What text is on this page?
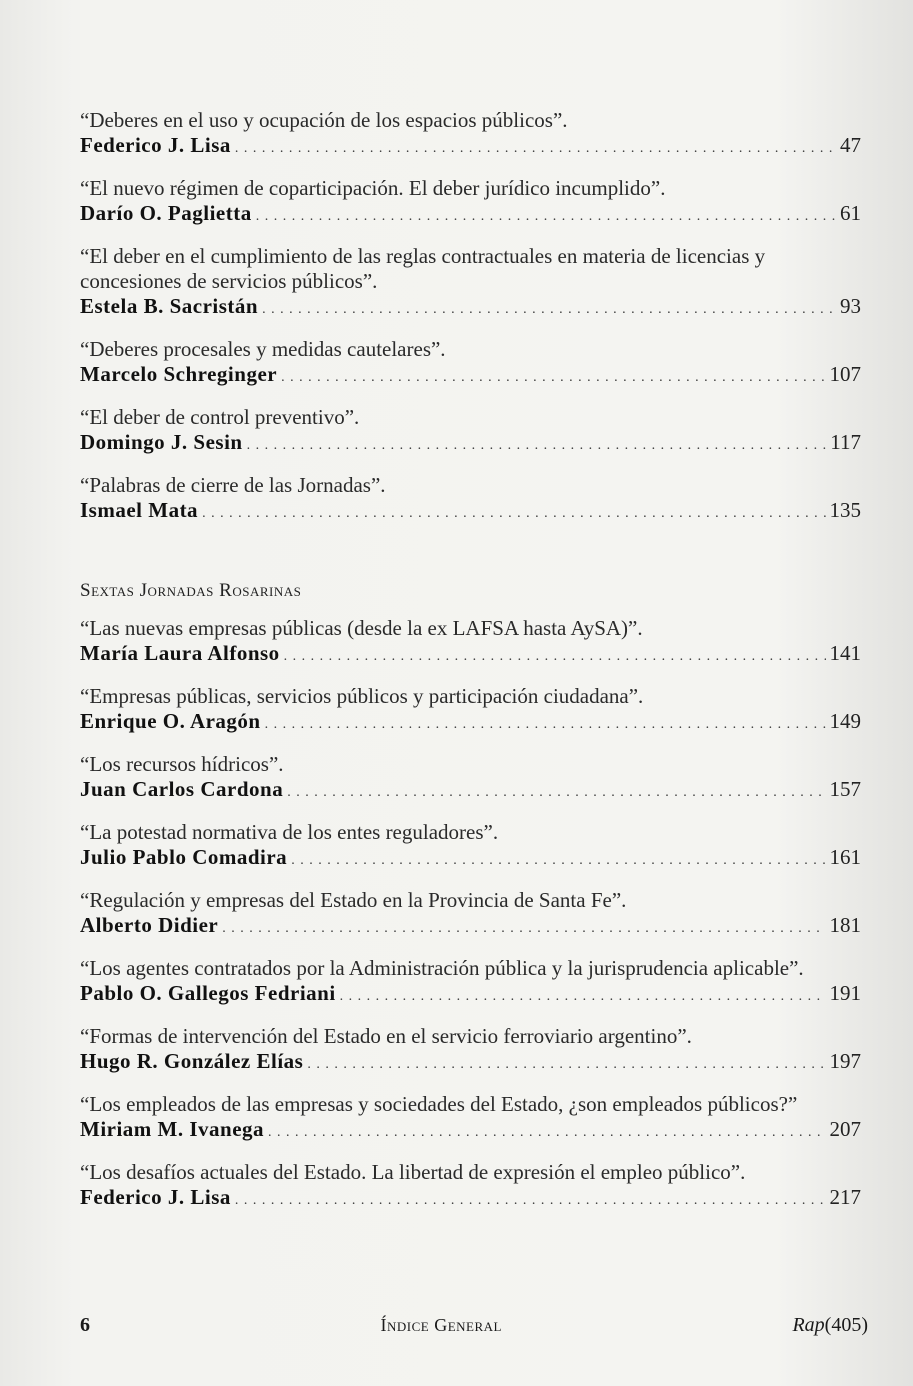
“Deberes en el uso y ocupación de los espacios públicos”.

Federico J. Lisa . . .	47

“El nuevo régimen de coparticipación. El deber jurídico incumplido”.

Darío O. Paglietta . . .	61

“El deber en el cumplimiento de las reglas contractuales en materia de licencias y concesiones de servicios públicos”.

Estela B. Sacristán . . .	93

“Deberes procesales y medidas cautelares”.

Marcelo Schreginger . . .	107

“El deber de control preventivo”.

Domingo J. Sesin . . .	117

“Palabras de cierre de las Jornadas”.

Ismael Mata . . .	135

Sextas Jornadas Rosarinas

“Las nuevas empresas públicas (desde la ex LAFSA hasta AySA)”.

María Laura Alfonso . . .	141

“Empresas públicas, servicios públicos y participación ciudadana”.

Enrique O. Aragón . . .	149

“Los recursos hídricos”.

Juan Carlos Cardona . . .	157

“La potestad normativa de los entes reguladores”.

Julio Pablo Comadira . . .	161

“Regulación y empresas del Estado en la Provincia de Santa Fe”.

Alberto Didier . . .	181

“Los agentes contratados por la Administración pública y la jurisprudencia aplicable”.

Pablo O. Gallegos Fedriani . . .	191

“Formas de intervención del Estado en el servicio ferroviario argentino”.

Hugo R. González Elías . . .	197

“Los empleados de las empresas y sociedades del Estado, ¿son empleados públicos?”

Miriam M. Ivanega . . .	207

“Los desafíos actuales del Estado. La libertad de expresión el empleo público”.

Federico J. Lisa . . .	217

6	Índice General	Rap(405)
